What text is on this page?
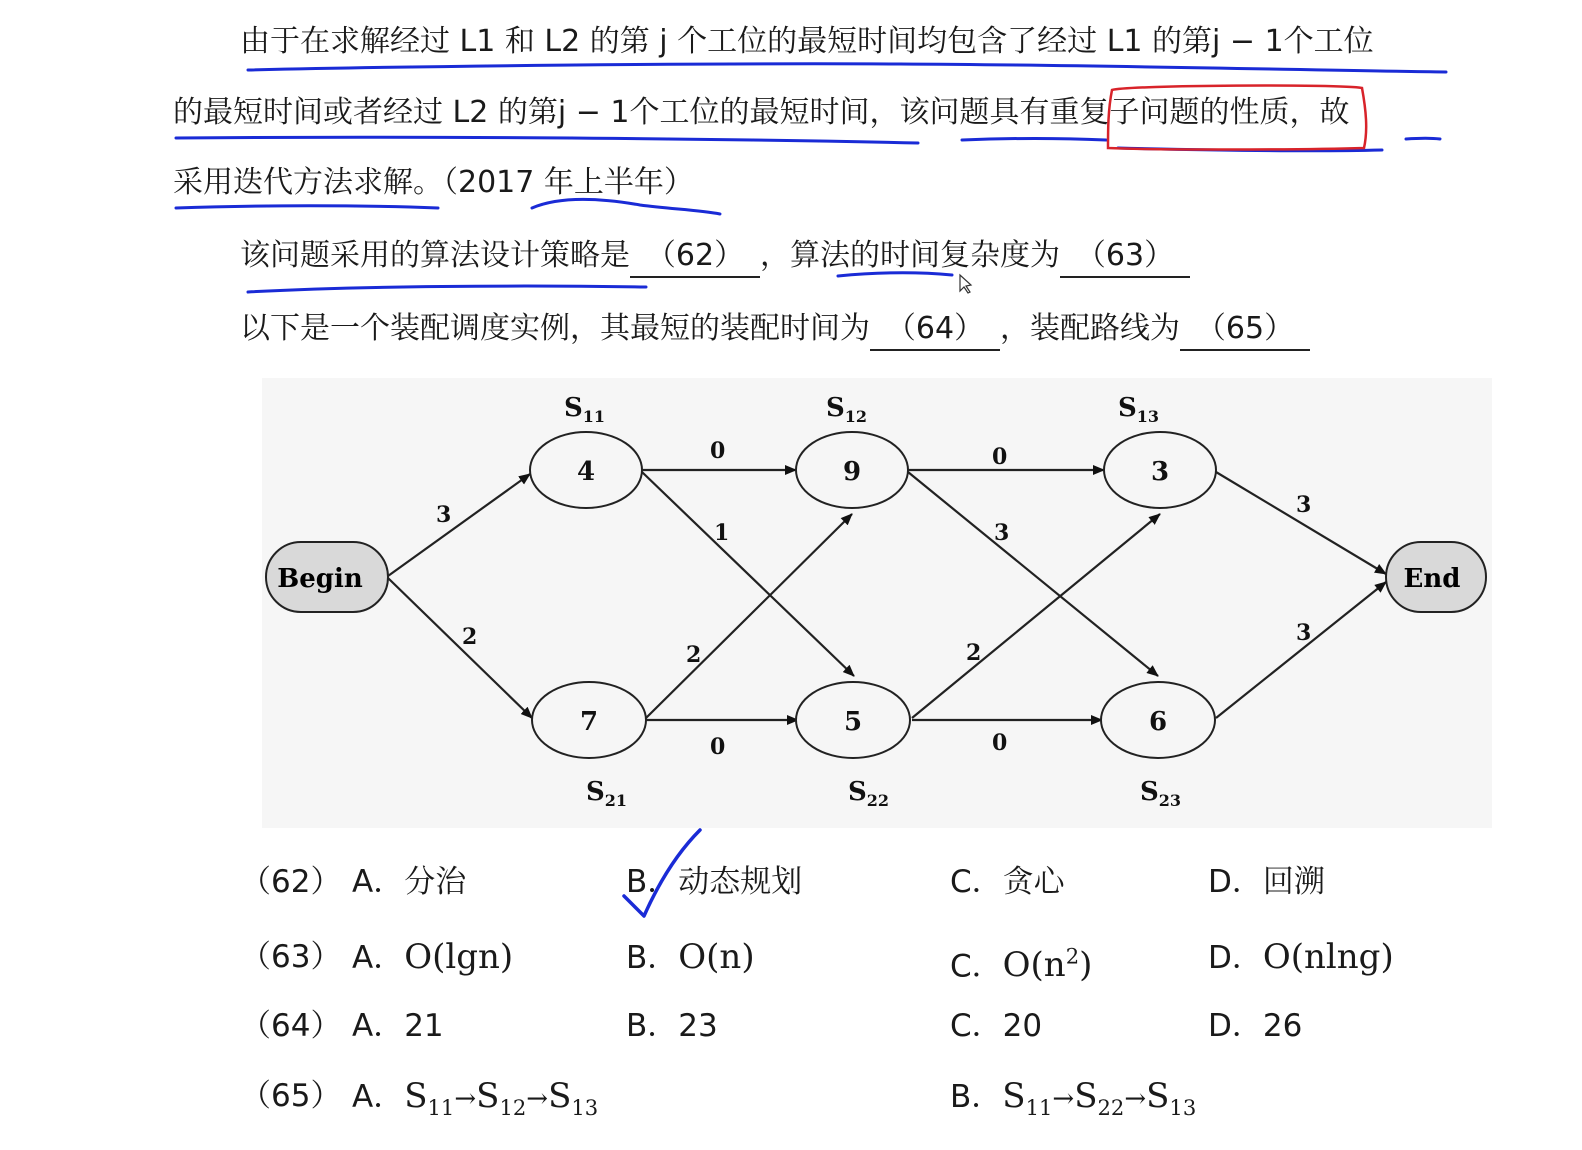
由于在求解经过 L1 和 L2 的第 j 个工位的最短时间均包含了经过 L1 的第j − 1个工位
的最短时间或者经过 L2 的第j − 1个工位的最短时间，该问题具有重复子问题的性质，故
采用迭代方法求解。（2017 年上半年）
该问题采用的算法设计策略是 （62） ，算法的时间复杂度为 （63）
以下是一个装配调度实例，其最短的装配时间为 （64） ，装配路线为 （65）
3
2
0
1
2
0
0
3
2
0
3
3
Begin	End
4	9	3
7	5	6
$S_{11}$	$S_{12}$	$S_{13}$
$S_{21}$	$S_{22}$	$S_{23}$
（62） A．分治	B．动态规划	C．贪心	D．回溯
（63） A．O(lgn)	B．O(n)	C．$O(n^2)$	D．O(nlng)
（64） A．21	B．23	C．20	D．26
（65） A．$S_{11}\to S_{12}\to S_{13}$	B．$S_{11}\to S_{22}\to S_{13}$
